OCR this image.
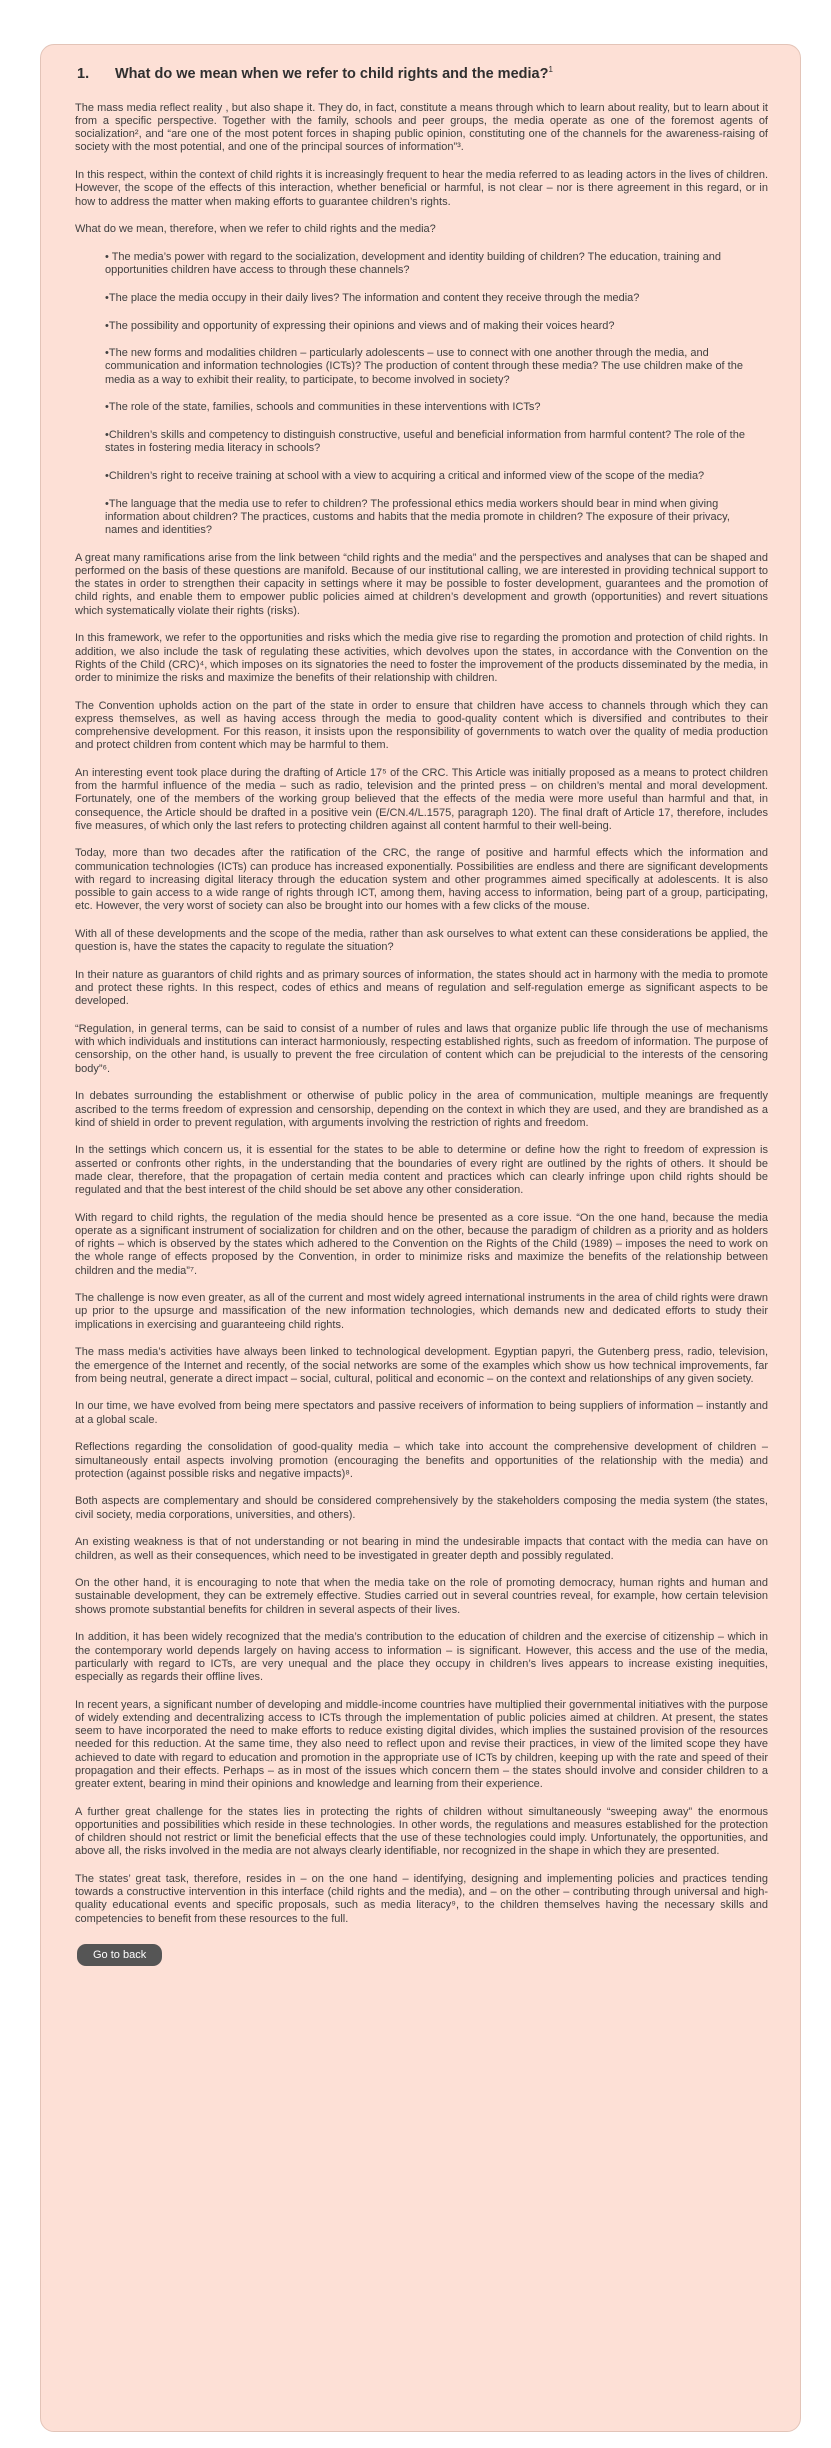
1. What do we mean when we refer to child rights and the media?$^1$

The mass media reflect reality , but also shape it. They do, in fact, constitute a means through which to learn about reality, but to learn about it from a specific perspective. Together with the family, schools and peer groups, the media operate as one of the foremost agents of socialization², and “are one of the most potent forces in shaping public opinion, constituting one of the channels for the awareness-raising of society with the most potential, and one of the principal sources of information”³.

In this respect, within the context of child rights it is increasingly frequent to hear the media referred to as leading actors in the lives of children. However, the scope of the effects of this interaction, whether beneficial or harmful, is not clear – nor is there agreement in this regard, or in how to address the matter when making efforts to guarantee children’s rights.

What do we mean, therefore, when we refer to child rights and the media?

• The media’s power with regard to the socialization, development and identity building of children? The education, training and opportunities children have access to through these channels?

•The place the media occupy in their daily lives? The information and content they receive through the media?

•The possibility and opportunity of expressing their opinions and views and of making their voices heard?

•The new forms and modalities children – particularly adolescents – use to connect with one another through the media, and communication and information technologies (ICTs)? The production of content through these media? The use children make of the media as a way to exhibit their reality, to participate, to become involved in society?

•The role of the state, families, schools and communities in these interventions with ICTs?

•Children’s skills and competency to distinguish constructive, useful and beneficial information from harmful content? The role of the states in fostering media literacy in schools?

•Children’s right to receive training at school with a view to acquiring a critical and informed view of the scope of the media?

•The language that the media use to refer to children? The professional ethics media workers should bear in mind when giving information about children? The practices, customs and habits that the media promote in children? The exposure of their privacy, names and identities?

A great many ramifications arise from the link between “child rights and the media” and the perspectives and analyses that can be shaped and performed on the basis of these questions are manifold. Because of our institutional calling, we are interested in providing technical support to the states in order to strengthen their capacity in settings where it may be possible to foster development, guarantees and the promotion of child rights, and enable them to empower public policies aimed at children’s development and growth (opportunities) and revert situations which systematically violate their rights (risks).

In this framework, we refer to the opportunities and risks which the media give rise to regarding the promotion and protection of child rights. In addition, we also include the task of regulating these activities, which devolves upon the states, in accordance with the Convention on the Rights of the Child (CRC)⁴, which imposes on its signatories the need to foster the improvement of the products disseminated by the media, in order to minimize the risks and maximize the benefits of their relationship with children.

The Convention upholds action on the part of the state in order to ensure that children have access to channels through which they can express themselves, as well as having access through the media to good-quality content which is diversified and contributes to their comprehensive development. For this reason, it insists upon the responsibility of governments to watch over the quality of media production and protect children from content which may be harmful to them.

An interesting event took place during the drafting of Article 17⁵ of the CRC. This Article was initially proposed as a means to protect children from the harmful influence of the media – such as radio, television and the printed press – on children’s mental and moral development. Fortunately, one of the members of the working group believed that the effects of the media were more useful than harmful and that, in consequence, the Article should be drafted in a positive vein (E/CN.4/L.1575, paragraph 120). The final draft of Article 17, therefore, includes five measures, of which only the last refers to protecting children against all content harmful to their well-being.

Today, more than two decades after the ratification of the CRC, the range of positive and harmful effects which the information and communication technologies (ICTs) can produce has increased exponentially. Possibilities are endless and there are significant developments with regard to increasing digital literacy through the education system and other programmes aimed specifically at adolescents. It is also possible to gain access to a wide range of rights through ICT, among them, having access to information, being part of a group, participating, etc. However, the very worst of society can also be brought into our homes with a few clicks of the mouse.

With all of these developments and the scope of the media, rather than ask ourselves to what extent can these considerations be applied, the question is, have the states the capacity to regulate the situation?

In their nature as guarantors of child rights and as primary sources of information, the states should act in harmony with the media to promote and protect these rights. In this respect, codes of ethics and means of regulation and self-regulation emerge as significant aspects to be developed.

“Regulation, in general terms, can be said to consist of a number of rules and laws that organize public life through the use of mechanisms with which individuals and institutions can interact harmoniously, respecting established rights, such as freedom of information. The purpose of censorship, on the other hand, is usually to prevent the free circulation of content which can be prejudicial to the interests of the censoring body”⁶.

In debates surrounding the establishment or otherwise of public policy in the area of communication, multiple meanings are frequently ascribed to the terms freedom of expression and censorship, depending on the context in which they are used, and they are brandished as a kind of shield in order to prevent regulation, with arguments involving the restriction of rights and freedom.

In the settings which concern us, it is essential for the states to be able to determine or define how the right to freedom of expression is asserted or confronts other rights, in the understanding that the boundaries of every right are outlined by the rights of others. It should be made clear, therefore, that the propagation of certain media content and practices which can clearly infringe upon child rights should be regulated and that the best interest of the child should be set above any other consideration.

With regard to child rights, the regulation of the media should hence be presented as a core issue. “On the one hand, because the media operate as a significant instrument of socialization for children and on the other, because the paradigm of children as a priority and as holders of rights – which is observed by the states which adhered to the Convention on the Rights of the Child (1989) – imposes the need to work on the whole range of effects proposed by the Convention, in order to minimize risks and maximize the benefits of the relationship between children and the media”⁷.

The challenge is now even greater, as all of the current and most widely agreed international instruments in the area of child rights were drawn up prior to the upsurge and massification of the new information technologies, which demands new and dedicated efforts to study their implications in exercising and guaranteeing child rights.

The mass media’s activities have always been linked to technological development. Egyptian papyri, the Gutenberg press, radio, television, the emergence of the Internet and recently, of the social networks are some of the examples which show us how technical improvements, far from being neutral, generate a direct impact – social, cultural, political and economic – on the context and relationships of any given society.

In our time, we have evolved from being mere spectators and passive receivers of information to being suppliers of information – instantly and at a global scale.

Reflections regarding the consolidation of good-quality media – which take into account the comprehensive development of children – simultaneously entail aspects involving promotion (encouraging the benefits and opportunities of the relationship with the media) and protection (against possible risks and negative impacts)⁸.

Both aspects are complementary and should be considered comprehensively by the stakeholders composing the media system (the states, civil society, media corporations, universities, and others).

An existing weakness is that of not understanding or not bearing in mind the undesirable impacts that contact with the media can have on children, as well as their consequences, which need to be investigated in greater depth and possibly regulated.

On the other hand, it is encouraging to note that when the media take on the role of promoting democracy, human rights and human and sustainable development, they can be extremely effective. Studies carried out in several countries reveal, for example, how certain television shows promote substantial benefits for children in several aspects of their lives.

In addition, it has been widely recognized that the media’s contribution to the education of children and the exercise of citizenship – which in the contemporary world depends largely on having access to information – is significant. However, this access and the use of the media, particularly with regard to ICTs, are very unequal and the place they occupy in children’s lives appears to increase existing inequities, especially as regards their offline lives.

In recent years, a significant number of developing and middle-income countries have multiplied their governmental initiatives with the purpose of widely extending and decentralizing access to ICTs through the implementation of public policies aimed at children. At present, the states seem to have incorporated the need to make efforts to reduce existing digital divides, which implies the sustained provision of the resources needed for this reduction. At the same time, they also need to reflect upon and revise their practices, in view of the limited scope they have achieved to date with regard to education and promotion in the appropriate use of ICTs by children, keeping up with the rate and speed of their propagation and their effects. Perhaps – as in most of the issues which concern them – the states should involve and consider children to a greater extent, bearing in mind their opinions and knowledge and learning from their experience.

A further great challenge for the states lies in protecting the rights of children without simultaneously “sweeping away” the enormous opportunities and possibilities which reside in these technologies. In other words, the regulations and measures established for the protection of children should not restrict or limit the beneficial effects that the use of these technologies could imply. Unfortunately, the opportunities, and above all, the risks involved in the media are not always clearly identifiable, nor recognized in the shape in which they are presented.

The states’ great task, therefore, resides in – on the one hand – identifying, designing and implementing policies and practices tending towards a constructive intervention in this interface (child rights and the media), and – on the other – contributing through universal and high-quality educational events and specific proposals, such as media literacy⁹, to the children themselves having the necessary skills and competencies to benefit from these resources to the full.

Go to back
